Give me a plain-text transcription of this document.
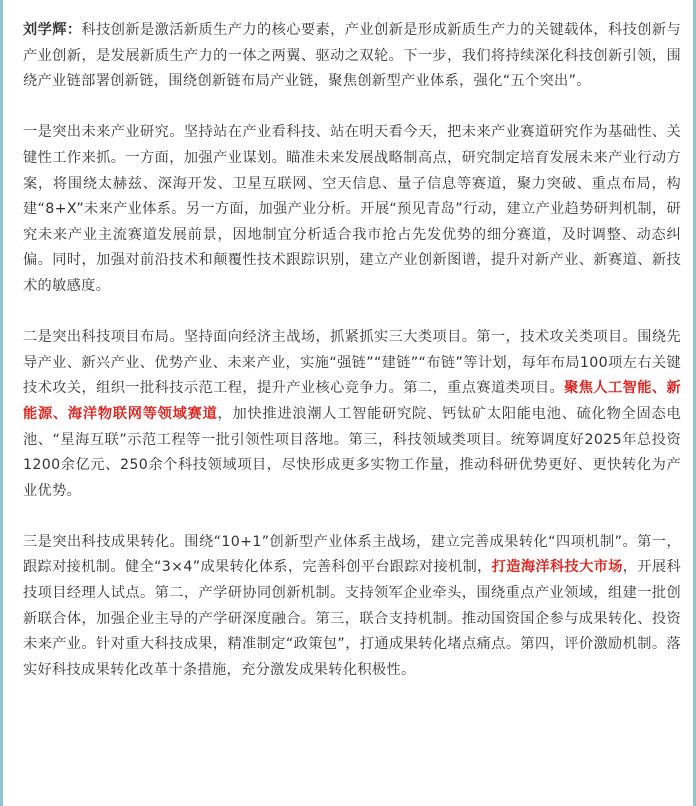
刘学辉：科技创新是激活新质生产力的核心要素，产业创新是形成新质生产力的关键载体，科技创新与产业创新，是发展新质生产力的一体之两翼、驱动之双轮。下一步，我们将持续深化科技创新引领，围绕产业链部署创新链，围绕创新链布局产业链，聚焦创新型产业体系，强化“五个突出”。

一是突出未来产业研究。坚持站在产业看科技、站在明天看今天，把未来产业赛道研究作为基础性、关键性工作来抓。一方面，加强产业谋划。瞄准未来发展战略制高点，研究制定培育发展未来产业行动方案，将围绕太赫兹、深海开发、卫星互联网、空天信息、量子信息等赛道，聚力突破、重点布局，构建“8+X”未来产业体系。另一方面，加强产业分析。开展“预见青岛”行动，建立产业趋势研判机制，研究未来产业主流赛道发展前景，因地制宜分析适合我市抢占先发优势的细分赛道，及时调整、动态纠偏。同时，加强对前沿技术和颠覆性技术跟踪识别，建立产业创新图谱，提升对新产业、新赛道、新技术的敏感度。

二是突出科技项目布局。坚持面向经济主战场，抓紧抓实三大类项目。第一，技术攻关类项目。围绕先导产业、新兴产业、优势产业、未来产业，实施“强链”“建链”“布链”等计划，每年布局100项左右关键技术攻关，组织一批科技示范工程，提升产业核心竞争力。第二，重点赛道类项目。聚焦人工智能、新能源、海洋物联网等领域赛道，加快推进浪潮人工智能研究院、钙钛矿太阳能电池、硫化物全固态电池、“星海互联”示范工程等一批引领性项目落地。第三，科技领域类项目。统筹调度好2025年总投资1200余亿元、250余个科技领域项目，尽快形成更多实物工作量，推动科研优势更好、更快转化为产业优势。

三是突出科技成果转化。围绕“10+1”创新型产业体系主战场，建立完善成果转化“四项机制”。第一，跟踪对接机制。健全“3×4”成果转化体系，完善科创平台跟踪对接机制，打造海洋科技大市场，开展科技项目经理人试点。第二，产学研协同创新机制。支持领军企业牵头，围绕重点产业领域，组建一批创新联合体，加强企业主导的产学研深度融合。第三，联合支持机制。推动国资国企参与成果转化、投资未来产业。针对重大科技成果，精准制定“政策包”，打通成果转化堵点痛点。第四，评价激励机制。落实好科技成果转化改革十条措施，充分激发成果转化积极性。
